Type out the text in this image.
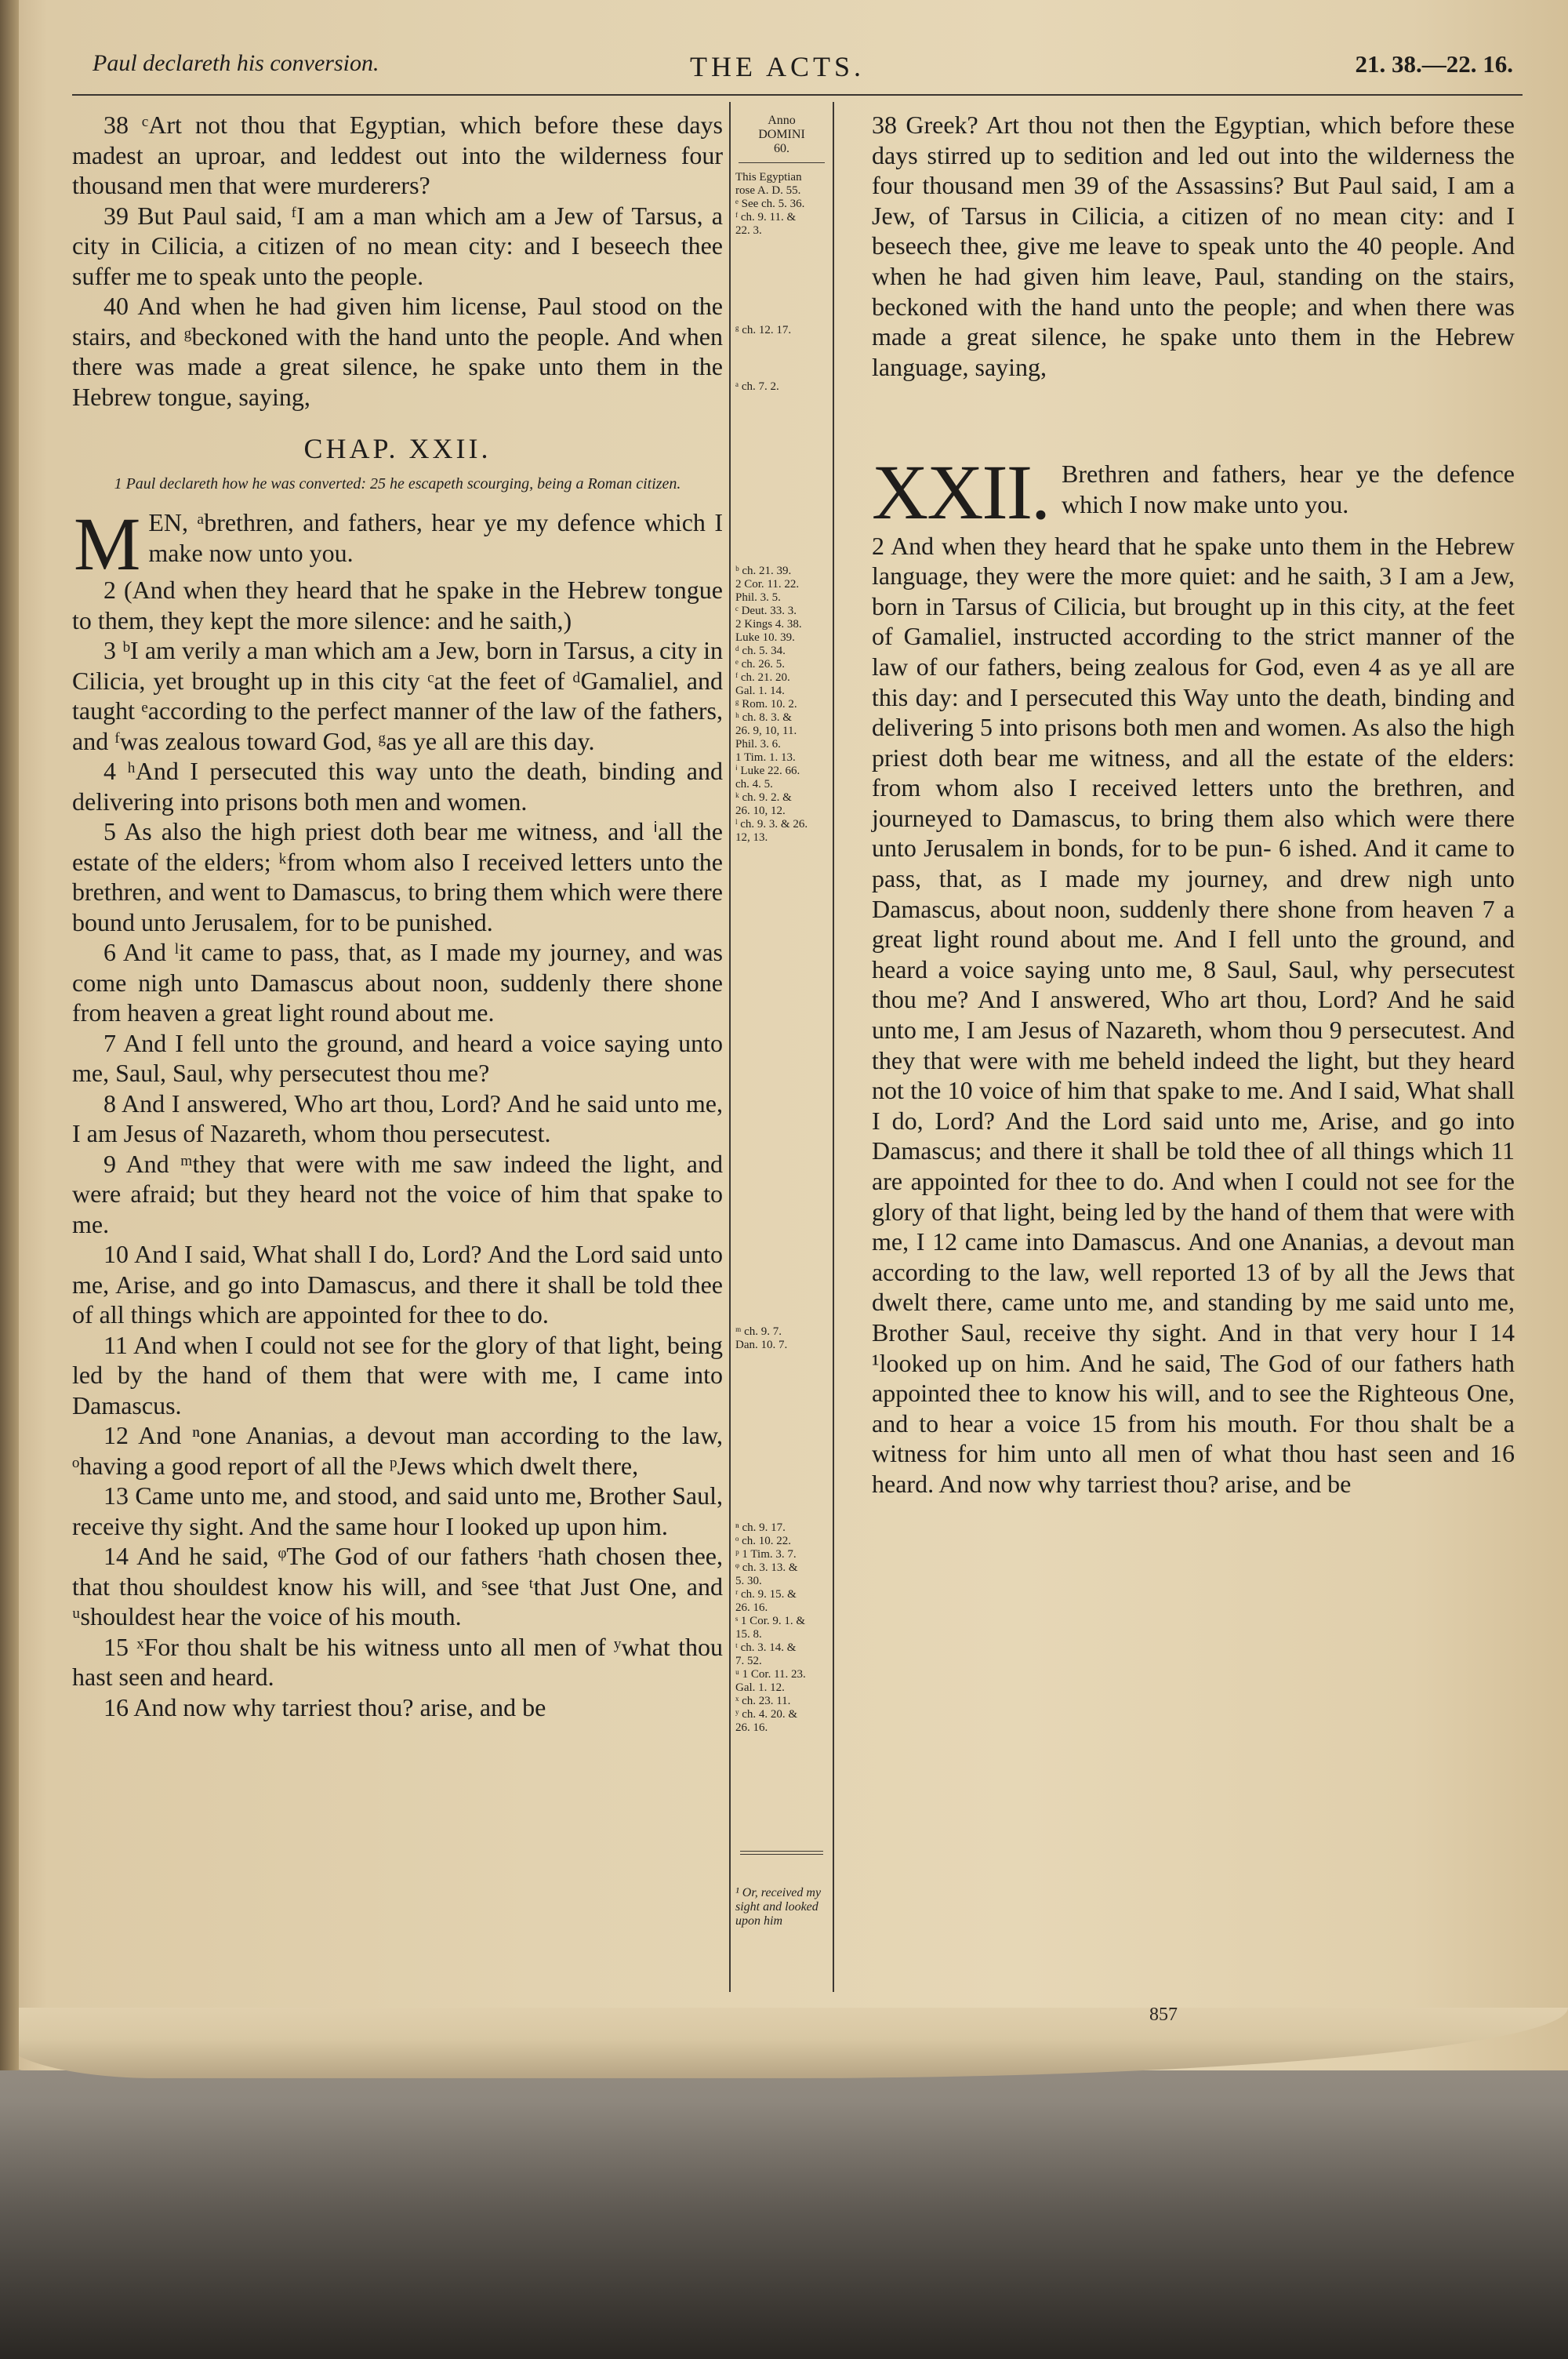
Paul declareth his conversion.	THE ACTS.	21. 38.—22. 16.

38 ᶜArt not thou that Egyptian, which before these days madest an uproar, and leddest out into the wilderness four thousand men that were murderers?

39 But Paul said, ᶠI am a man which am a Jew of Tarsus, a city in Cilicia, a citizen of no mean city: and I beseech thee suffer me to speak unto the people.

40 And when he had given him license, Paul stood on the stairs, and ᵍbeckoned with the hand unto the people. And when there was made a great silence, he spake unto them in the Hebrew tongue, saying,

CHAP. XXII.
1 Paul declareth how he was converted: 25 he escapeth scourging, being a Roman citizen.
M EN, ᵃbrethren, and fathers, hear ye my defence which I make now unto you.

2 (And when they heard that he spake in the Hebrew tongue to them, they kept the more silence: and he saith,)

3 ᵇI am verily a man which am a Jew, born in Tarsus, a city in Cilicia, yet brought up in this city ᶜat the feet of ᵈGamaliel, and taught ᵉaccording to the perfect manner of the law of the fathers, and ᶠwas zealous toward God, ᵍas ye all are this day.

4 ʰAnd I persecuted this way unto the death, binding and delivering into prisons both men and women.

5 As also the high priest doth bear me witness, and ⁱall the estate of the elders; ᵏfrom whom also I received letters unto the brethren, and went to Damascus, to bring them which were there bound unto Jerusalem, for to be punished.

6 And ˡit came to pass, that, as I made my journey, and was come nigh unto Damascus about noon, suddenly there shone from heaven a great light round about me.

7 And I fell unto the ground, and heard a voice saying unto me, Saul, Saul, why persecutest thou me?

8 And I answered, Who art thou, Lord? And he said unto me, I am Jesus of Nazareth, whom thou persecutest.

9 And ᵐthey that were with me saw indeed the light, and were afraid; but they heard not the voice of him that spake to me.

10 And I said, What shall I do, Lord? And the Lord said unto me, Arise, and go into Damascus, and there it shall be told thee of all things which are appointed for thee to do.

11 And when I could not see for the glory of that light, being led by the hand of them that were with me, I came into Damascus.

12 And ⁿone Ananias, a devout man according to the law, ᵒhaving a good report of all the ᵖJews which dwelt there,

13 Came unto me, and stood, and said unto me, Brother Saul, receive thy sight. And the same hour I looked up upon him.

14 And he said, ᵠThe God of our fathers ʳhath chosen thee, that thou shouldest know his will, and ˢsee ᵗthat Just One, and ᵘshouldest hear the voice of his mouth.

15 ˣFor thou shalt be his witness unto all men of ʸwhat thou hast seen and heard.

16 And now why tarriest thou? arise, and be

Anno
DOMINI
60.

This Egyptian

rose A. D. 55.

ᵉ See ch. 5. 36.

ᶠ ch. 9. 11. &

22. 3.

ᵍ ch. 12. 17.

ᵃ ch. 7. 2.

ᵇ ch. 21. 39.

2 Cor. 11. 22.

Phil. 3. 5.

ᶜ Deut. 33. 3.

2 Kings 4. 38.

Luke 10. 39.

ᵈ ch. 5. 34.

ᵉ ch. 26. 5.

ᶠ ch. 21. 20.

Gal. 1. 14.

ᵍ Rom. 10. 2.

ʰ ch. 8. 3. &

26. 9, 10, 11.

Phil. 3. 6.

1 Tim. 1. 13.

ⁱ Luke 22. 66.

ch. 4. 5.

ᵏ ch. 9. 2. &

26. 10, 12.

ˡ ch. 9. 3. & 26.

12, 13.

ᵐ ch. 9. 7.

Dan. 10. 7.

ⁿ ch. 9. 17.

ᵒ ch. 10. 22.

ᵖ 1 Tim. 3. 7.

ᵠ ch. 3. 13. &

5. 30.

ʳ ch. 9. 15. &

26. 16.

ˢ 1 Cor. 9. 1. &

15. 8.

ᵗ ch. 3. 14. &

7. 52.

ᵘ 1 Cor. 11. 23.

Gal. 1. 12.

ˣ ch. 23. 11.

ʸ ch. 4. 20. &

26. 16.

¹ Or, received my sight and looked upon him

38 Greek? Art thou not then the Egyptian, which before these days stirred up to sedition and led out into the wilderness the four thousand men 39 of the Assassins? But Paul said, I am a Jew, of Tarsus in Cilicia, a citizen of no mean city: and I beseech thee, give me leave to speak unto the 40 people. And when he had given him leave, Paul, standing on the stairs, beckoned with the hand unto the people; and when there was made a great silence, he spake unto them in the Hebrew language, saying,

XXII. Brethren and fathers, hear ye the defence which I now make unto you.

2 And when they heard that he spake unto them in the Hebrew language, they were the more quiet: and he saith, 3 I am a Jew, born in Tarsus of Cilicia, but brought up in this city, at the feet of Gamaliel, instructed according to the strict manner of the law of our fathers, being zealous for God, even 4 as ye all are this day: and I persecuted this Way unto the death, binding and delivering 5 into prisons both men and women. As also the high priest doth bear me witness, and all the estate of the elders: from whom also I received letters unto the brethren, and journeyed to Damascus, to bring them also which were there unto Jerusalem in bonds, for to be pun- 6 ished. And it came to pass, that, as I made my journey, and drew nigh unto Damascus, about noon, suddenly there shone from heaven 7 a great light round about me. And I fell unto the ground, and heard a voice saying unto me, 8 Saul, Saul, why persecutest thou me? And I answered, Who art thou, Lord? And he said unto me, I am Jesus of Nazareth, whom thou 9 persecutest. And they that were with me beheld indeed the light, but they heard not the 10 voice of him that spake to me. And I said, What shall I do, Lord? And the Lord said unto me, Arise, and go into Damascus; and there it shall be told thee of all things which 11 are appointed for thee to do. And when I could not see for the glory of that light, being led by the hand of them that were with me, I 12 came into Damascus. And one Ananias, a devout man according to the law, well reported 13 of by all the Jews that dwelt there, came unto me, and standing by me said unto me, Brother Saul, receive thy sight. And in that very hour I 14 ¹looked up on him. And he said, The God of our fathers hath appointed thee to know his will, and to see the Righteous One, and to hear a voice 15 from his mouth. For thou shalt be a witness for him unto all men of what thou hast seen and 16 heard. And now why tarriest thou? arise, and be

857
